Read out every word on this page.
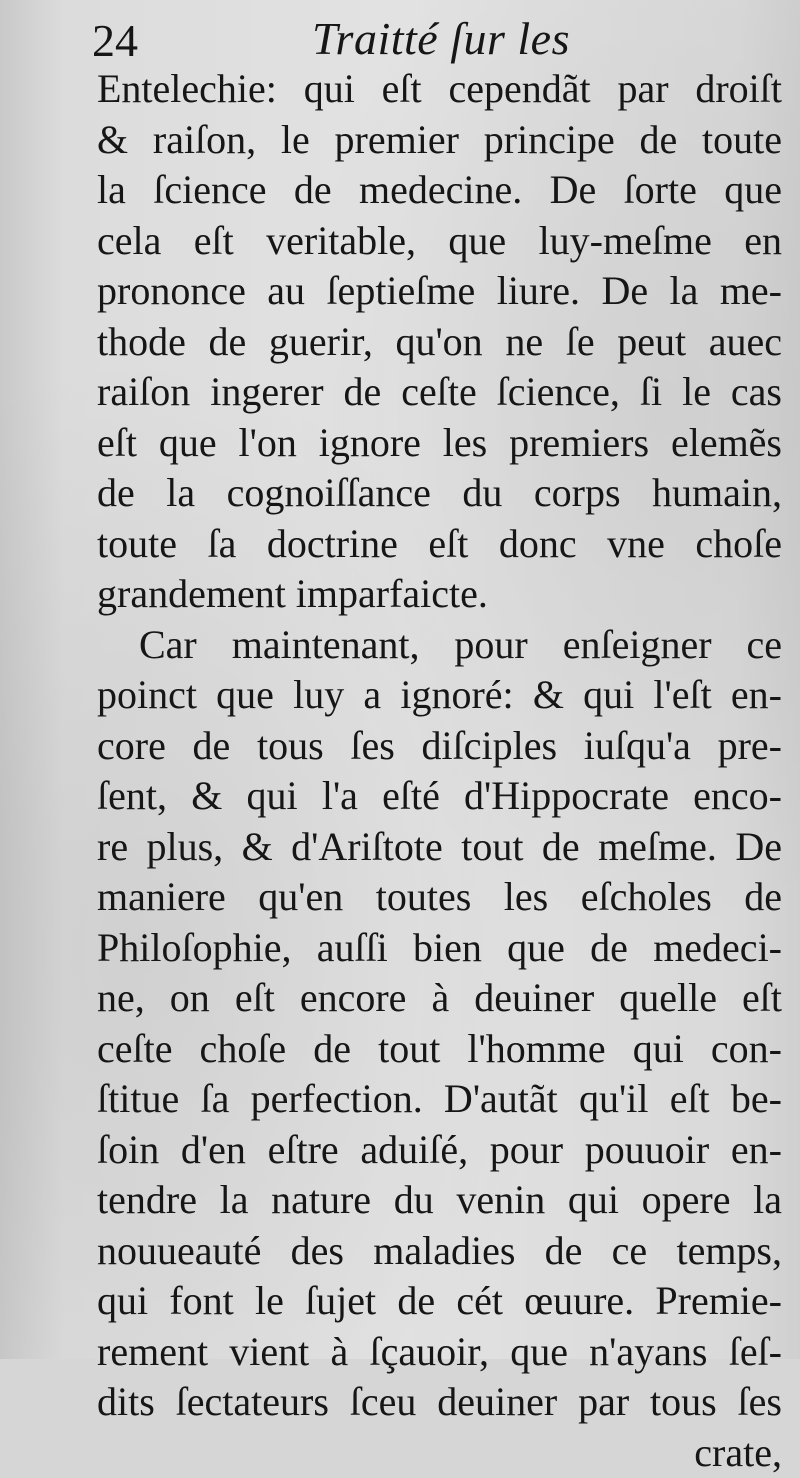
24	Traitté ſur les
Entelechie: qui eſt cependãt par droiſt
& raiſon, le premier principe de toute
la ſcience de medecine. De ſorte que
cela eſt veritable, que luy-meſme en
prononce au ſeptieſme liure. De la me-
thode de guerir, qu'on ne ſe peut auec
raiſon ingerer de ceſte ſcience, ſi le cas
eſt que l'on ignore les premiers elemẽs
de la cognoiſſance du corps humain,
toute ſa doctrine eſt donc vne choſe
grandement imparfaicte.
Car maintenant, pour enſeigner ce
poinct que luy a ignoré: & qui l'eſt en-
core de tous ſes diſciples iuſqu'a pre-
ſent, & qui l'a eſté d'Hippocrate enco-
re plus, & d'Ariſtote tout de meſme. De
maniere qu'en toutes les eſcholes de
Philoſophie, auſſi bien que de medeci-
ne, on eſt encore à deuiner quelle eſt
ceſte choſe de tout l'homme qui con-
ſtitue ſa perfection. D'autãt qu'il eſt be-
ſoin d'en eſtre aduiſé, pour pouuoir en-
tendre la nature du venin qui opere la
nouueauté des maladies de ce temps,
qui font le ſujet de cét œuure. Premie-
rement vient à ſçauoir, que n'ayans ſeſ-
dits ſectateurs ſceu deuiner par tous ſes
crate,
